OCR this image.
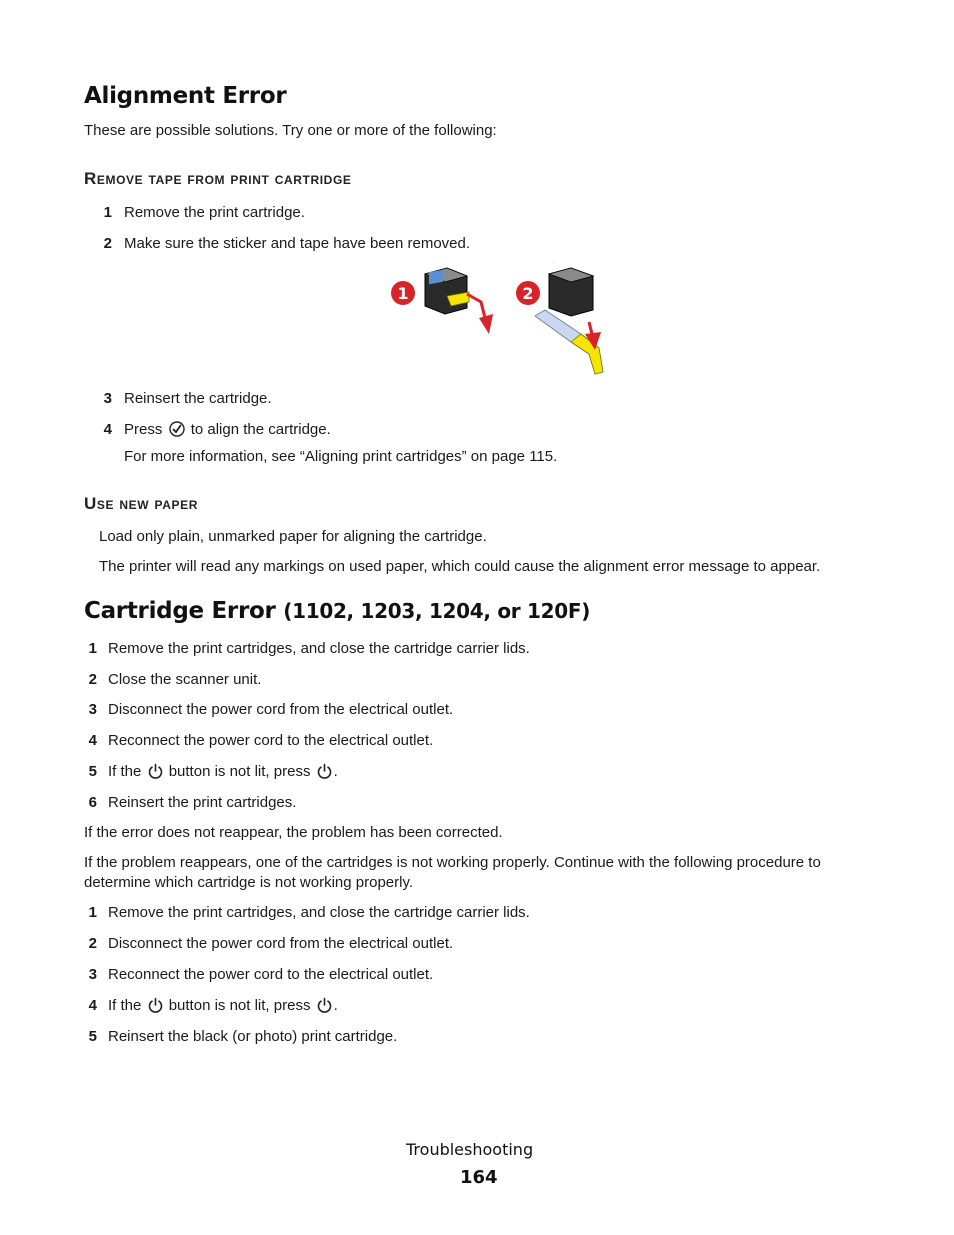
Alignment Error
These are possible solutions. Try one or more of the following:
Remove tape from print cartridge
1 Remove the print cartridge.
2 Make sure the sticker and tape have been removed.
1	2
3 Reinsert the cartridge.
4 Press to align the cartridge.
For more information, see “Aligning print cartridges” on page 115.
Use new paper
Load only plain, unmarked paper for aligning the cartridge.
The printer will read any markings on used paper, which could cause the alignment error message to appear.
Cartridge Error (1102, 1203, 1204, or 120F)
1 Remove the print cartridges, and close the cartridge carrier lids.
2 Close the scanner unit.
3 Disconnect the power cord from the electrical outlet.
4 Reconnect the power cord to the electrical outlet.
5 If the button is not lit, press .
6 Reinsert the print cartridges.
If the error does not reappear, the problem has been corrected.
If the problem reappears, one of the cartridges is not working properly. Continue with the following procedure to determine which cartridge is not working properly.
1 Remove the print cartridges, and close the cartridge carrier lids.
2 Disconnect the power cord from the electrical outlet.
3 Reconnect the power cord to the electrical outlet.
4 If the button is not lit, press .
5 Reinsert the black (or photo) print cartridge.
Troubleshooting
164
